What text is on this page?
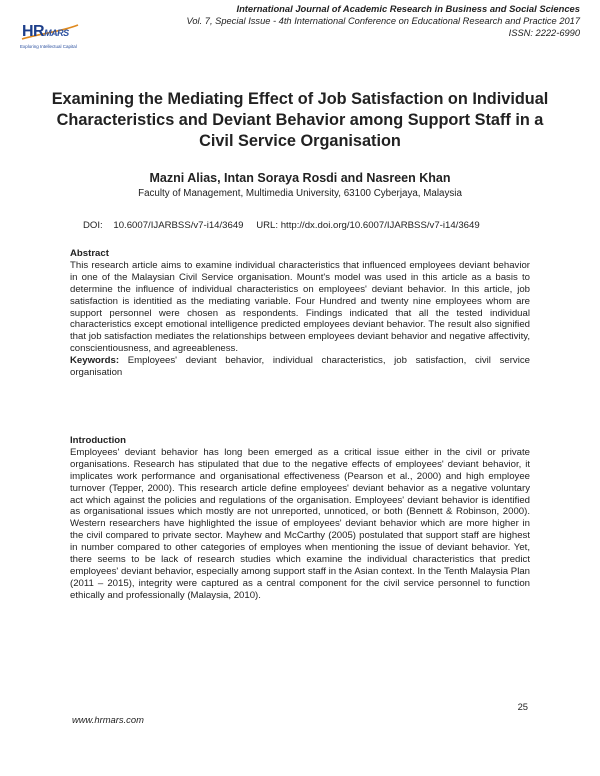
HRMARS
Exploring Intellectual Capital
International Journal of Academic Research in Business and Social Sciences
Vol. 7, Special Issue - 4th International Conference on Educational Research and Practice 2017
ISSN: 2222-6990
Examining the Mediating Effect of Job Satisfaction on Individual Characteristics and Deviant Behavior among Support Staff in a Civil Service Organisation
Mazni Alias, Intan Soraya Rosdi and Nasreen Khan
Faculty of Management, Multimedia University, 63100 Cyberjaya, Malaysia
DOI:    10.6007/IJARBSS/v7-i14/3649 URL: http://dx.doi.org/10.6007/IJARBSS/v7-i14/3649
Abstract

This research article aims to examine individual characteristics that influenced employees deviant behavior in one of the Malaysian Civil Service organisation. Mount's model was used in this article as a basis to determine the influence of individual characteristics on employees' deviant behavior. In this article, job satisfaction is identitied as the mediating variable. Four Hundred and twenty nine employees whom are support personnel were chosen as respondents. Findings indicated that all the tested individual characteristics except emotional intelligence predicted employees deviant behavior. The result also signified that job satisfaction mediates the relationships between employees deviant behavior and negative affectivity, conscientiousness, and agreeableness.

Keywords: Employees' deviant behavior, individual characteristics, job satisfaction, civil service organisation

Introduction

Employees' deviant behavior has long been emerged as a critical issue either in the civil or private organisations. Research has stipulated that due to the negative effects of employees' deviant behavior, it implicates work performance and organisational effectiveness (Pearson et al., 2000) and high employee turnover (Tepper, 2000). This research article define employees' deviant behavior as a negative voluntary act which against the policies and regulations of the organisation. Employees' deviant behavior is identified as organisational issues which mostly are not unreported, unnoticed, or both (Bennett & Robinson, 2000). Western researchers have highlighted the issue of employees' deviant behavior which are more higher in the civil compared to private sector. Mayhew and McCarthy (2005) postulated that support staff are highest in number compared to other categories of employes when mentioning the issue of deviant behavior. Yet, there seems to be lack of research studies which examine the individual characteristics that predict employees' deviant behavior, especially among support staff in the Asian context. In the Tenth Malaysia Plan (2011 – 2015), integrity were captured as a central component for the civil service personnel to function ethically and professionally (Malaysia, 2010).

25
www.hrmars.com
